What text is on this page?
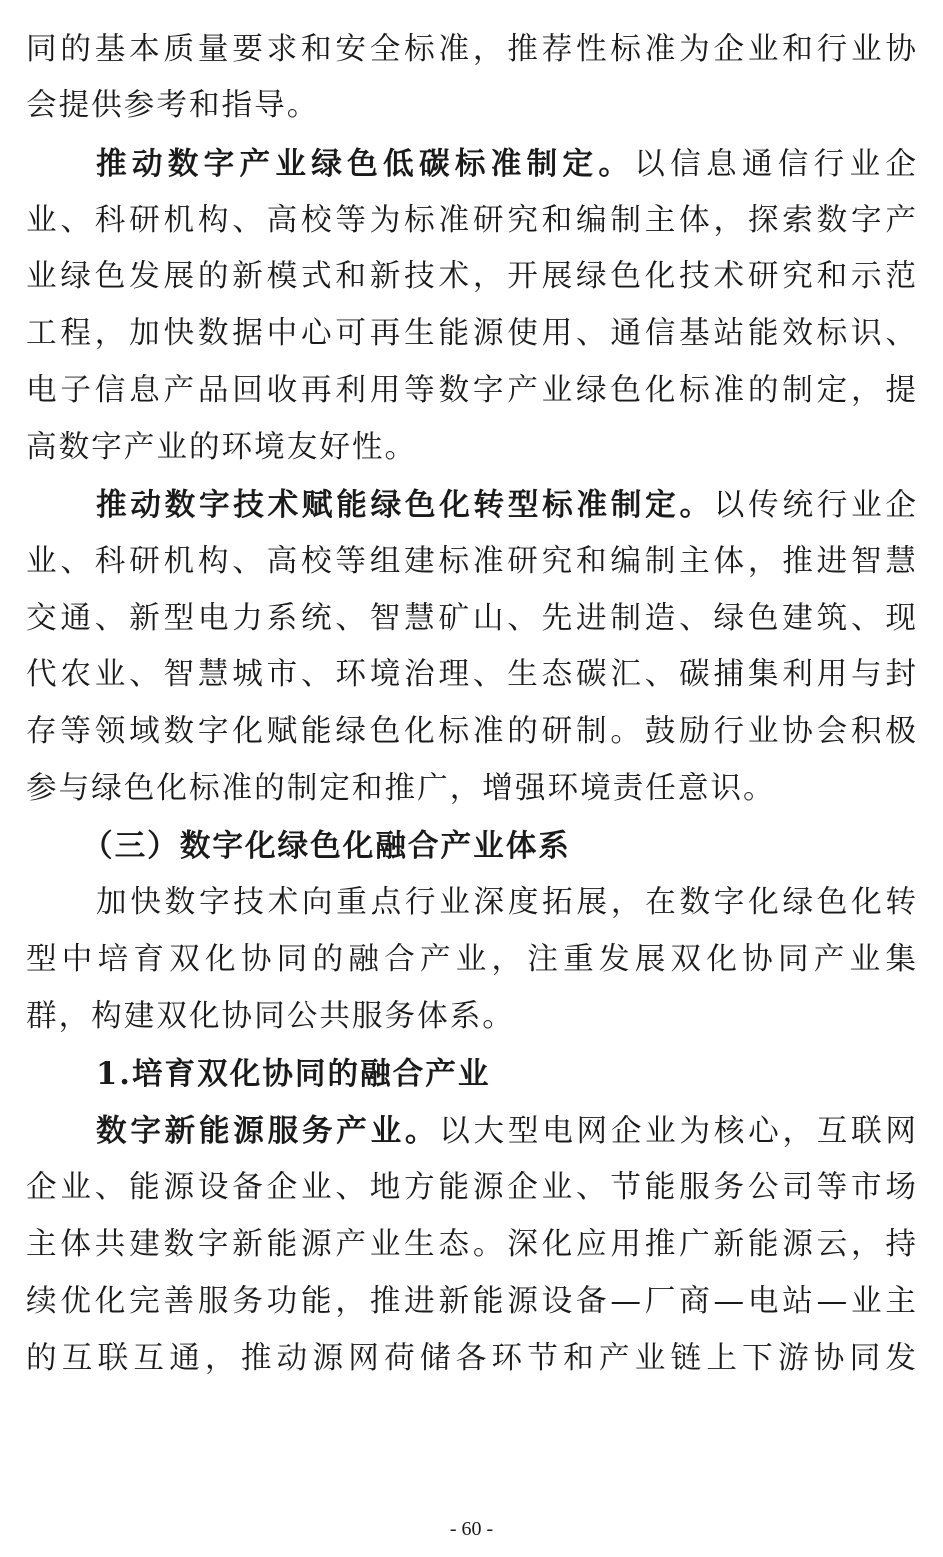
同的基本质量要求和安全标准，推荐性标准为企业和行业协
会提供参考和指导。
推动数字产业绿色低碳标准制定。以信息通信行业企
业、科研机构、高校等为标准研究和编制主体，探索数字产
业绿色发展的新模式和新技术，开展绿色化技术研究和示范
工程，加快数据中心可再生能源使用、通信基站能效标识、
电子信息产品回收再利用等数字产业绿色化标准的制定，提
高数字产业的环境友好性。
推动数字技术赋能绿色化转型标准制定。以传统行业企
业、科研机构、高校等组建标准研究和编制主体，推进智慧
交通、新型电力系统、智慧矿山、先进制造、绿色建筑、现
代农业、智慧城市、环境治理、生态碳汇、碳捕集利用与封
存等领域数字化赋能绿色化标准的研制。鼓励行业协会积极
参与绿色化标准的制定和推广，增强环境责任意识。
（三）数字化绿色化融合产业体系
加快数字技术向重点行业深度拓展，在数字化绿色化转
型中培育双化协同的融合产业，注重发展双化协同产业集
群，构建双化协同公共服务体系。
1.培育双化协同的融合产业
数字新能源服务产业。以大型电网企业为核心，互联网
企业、能源设备企业、地方能源企业、节能服务公司等市场
主体共建数字新能源产业生态。深化应用推广新能源云，持
续优化完善服务功能，推进新能源设备—厂商—电站—业主
的互联互通，推动源网荷储各环节和产业链上下游协同发
- 60 -
